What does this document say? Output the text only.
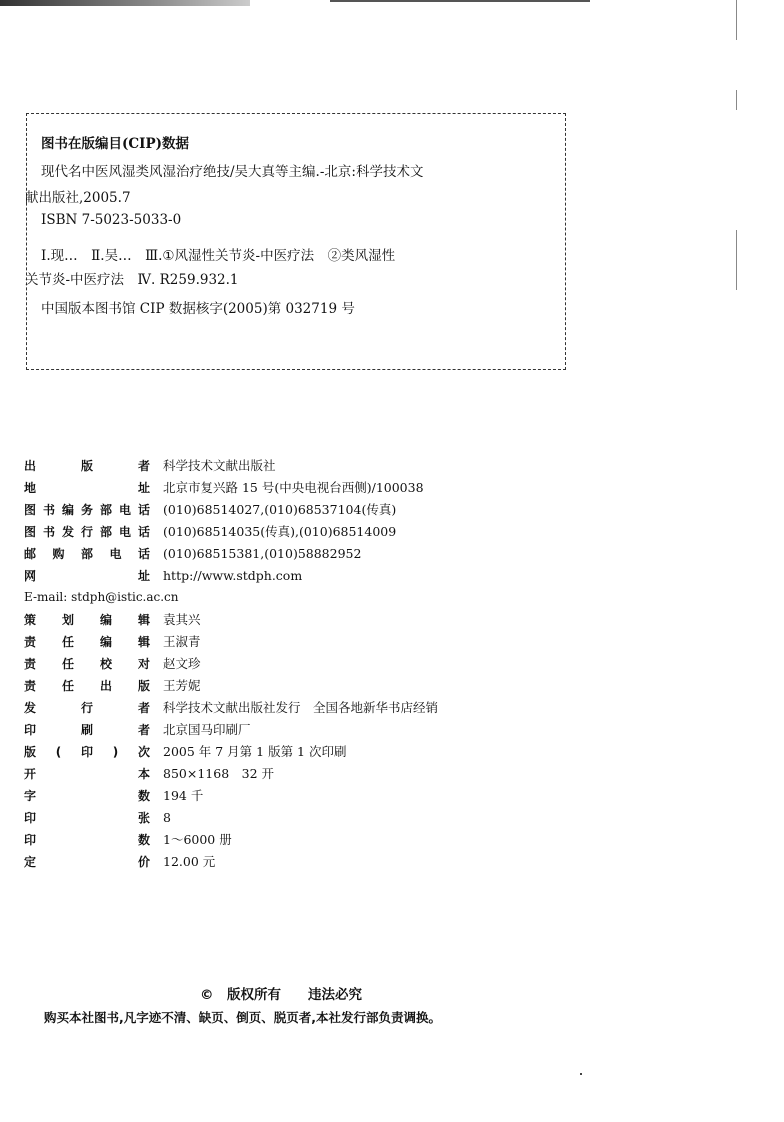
图书在版编目(CIP)数据
现代名中医风湿类风湿治疗绝技/吴大真等主编.-北京:科学技术文
献出版社,2005.7
ISBN 7-5023-5033-0
Ⅰ.现…　Ⅱ.吴…　Ⅲ.①风湿性关节炎-中医疗法　②类风湿性
关节炎-中医疗法　Ⅳ. R259.932.1
中国版本图书馆 CIP 数据核字(2005)第 032719 号
出版者 科学技术文献出版社
地址 北京市复兴路 15 号(中央电视台西侧)/100038
图书编务部电话 (010)68514027,(010)68537104(传真)
图书发行部电话 (010)68514035(传真),(010)68514009
邮购部电话 (010)68515381,(010)58882952
网址 http://www.stdph.com
E-mail: stdph@istic.ac.cn
策划编辑 袁其兴
责任编辑 王淑青
责任校对 赵文珍
责任出版 王芳妮
发行者 科学技术文献出版社发行　全国各地新华书店经销
印刷者 北京国马印刷厂
版(印)次 2005 年 7 月第 1 版第 1 次印刷
开本 850×1168　32 开
字数 194 千
印张 8
印数 1～6000 册
定价 12.00 元
©　版权所有　　违法必究
购买本社图书,凡字迹不清、缺页、倒页、脱页者,本社发行部负责调换。
